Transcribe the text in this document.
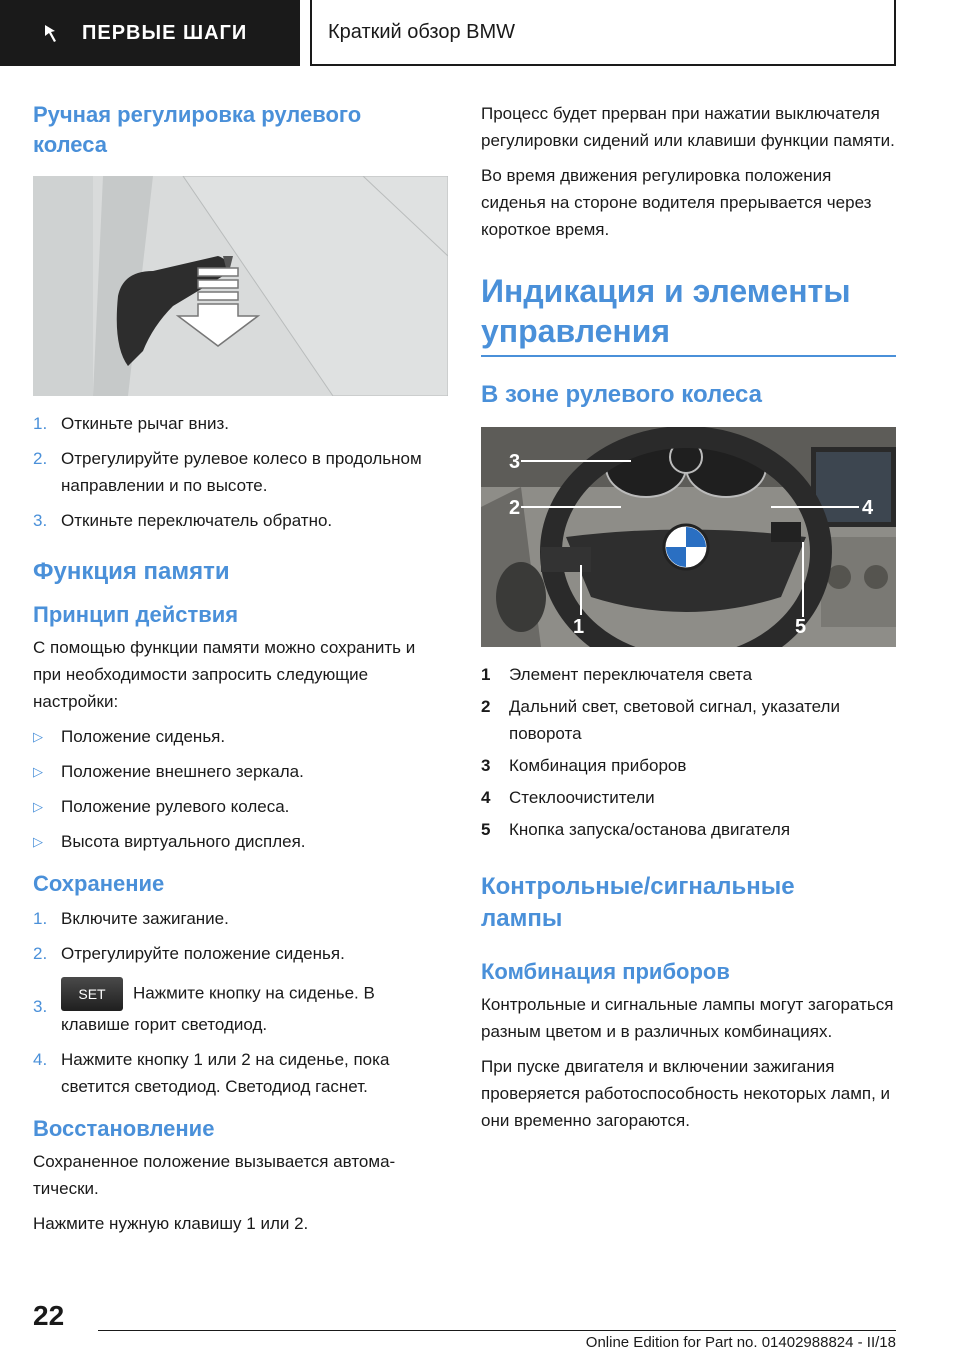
ПЕРВЫЕ ШАГИ	Краткий обзор BMW
Ручная регулировка рулевого колеса
1. Откиньте рычаг вниз.
2. Отрегулируйте рулевое колесо в продольном направлении и по высоте.
3. Откиньте переключатель обратно.
Функция памяти
Принцип действия

С помощью функции памяти можно сохранить и при необходимости запросить следующие настройки:

▷	Положение сиденья.
▷	Положение внешнего зеркала.
▷	Положение рулевого колеса.
▷	Высота виртуального дисплея.
Сохранение
1. Включите зажигание.
2. Отрегулируйте положение сиденья.
3.
SET Нажмите кнопку на сиденье. В клавише горит светодиод.
4. Нажмите кнопку 1 или 2 на сиденье, пока светится светодиод. Светодиод гаснет.
Восстановление

Сохраненное положение вызывается автоматически.

Нажмите нужную клавишу 1 или 2.

Процесс будет прерван при нажатии выключателя регулировки сидений или клавиши функции памяти.

Во время движения регулировка положения сиденья на стороне водителя прерывается через короткое время.

Индикация и элементы управления
В зоне рулевого колеса
3
2	4
1	5
1	Элемент переключателя света
2	Дальний свет, световой сигнал, указатели поворота
3	Комбинация приборов
4	Стеклоочистители
5	Кнопка запуска/останова двигателя
Контрольные/сигнальные лампы
Комбинация приборов

Контрольные и сигнальные лампы могут загораться разным цветом и в различных комбинациях.

При пуске двигателя и включении зажигания проверяется работоспособность некоторых ламп, и они временно загораются.

22
Online Edition for Part no. 01402988824 - II/18
